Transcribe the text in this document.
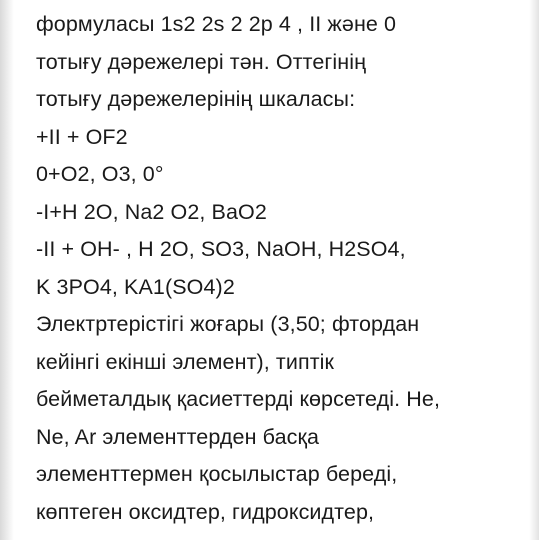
формуласы 1s2 2s 2 2p 4 , II және 0
тотығу дәрежелері тән. Оттегінің
тотығу дәрежелерінің шкаласы:
+II + OF2
0+O2, O3, 0°
-I+H 2O, Na2 O2, BaO2
-II + OH- , H 2O, SO3, NaOH, H2SO4,
K 3PO4, KA1(SO4)2
Электртерістігі жоғары (3,50; фтордан
кейінгі екінші элемент), типтік
бейметалдық қасиеттерді көрсетеді. Не,
Ne, Ar элементтерден басқа
элементтермен қосылыстар береді,
көптеген оксидтер, гидроксидтер,
